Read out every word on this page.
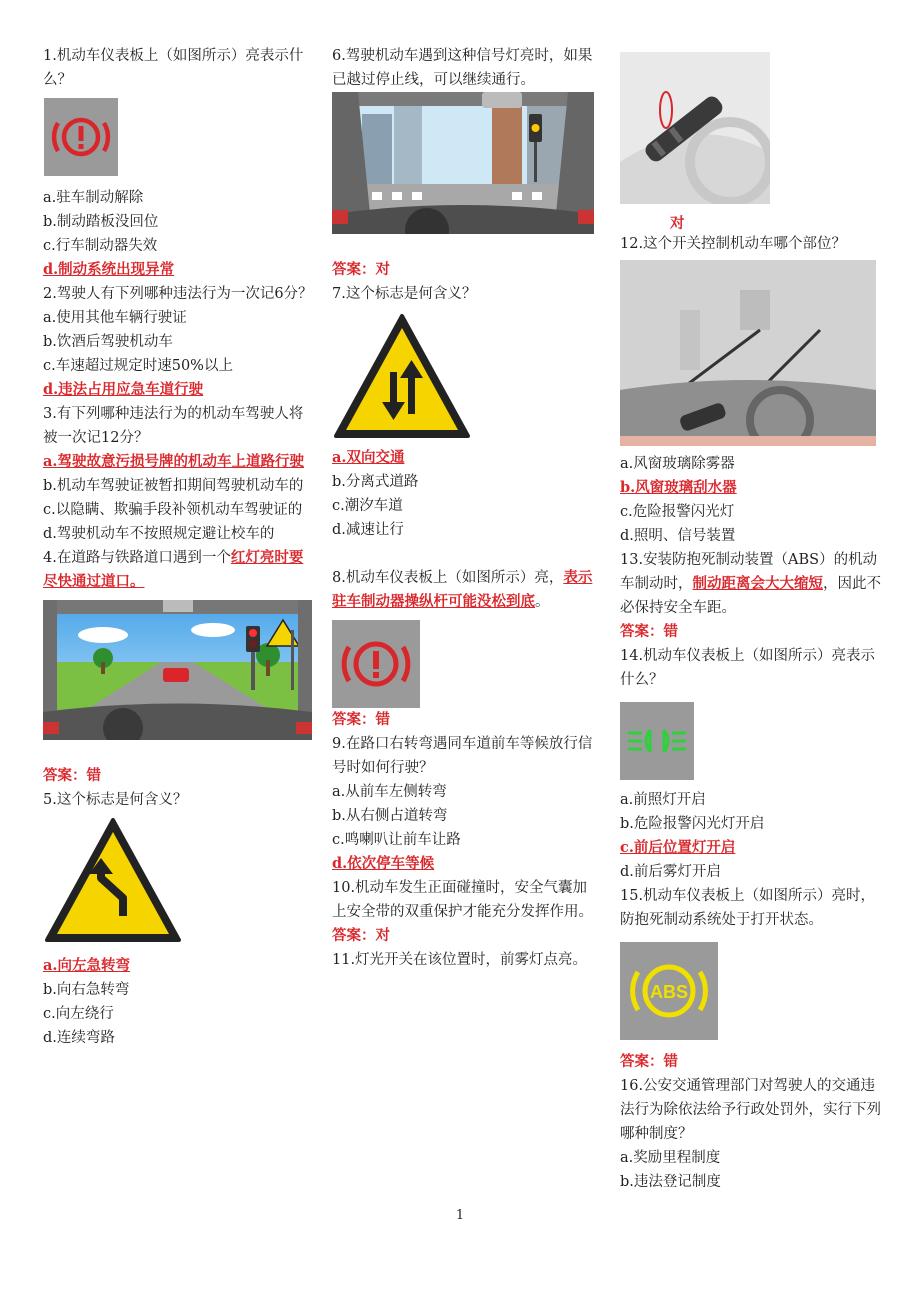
1.机动车仪表板上（如图所示）亮表示什么？

a.驻车制动解除

b.制动踏板没回位

c.行车制动器失效

d.制动系统出现异常

2.驾驶人有下列哪种违法行为一次记6分？

a.使用其他车辆行驶证

b.饮酒后驾驶机动车

c.车速超过规定时速50%以上

d.违法占用应急车道行驶

3.有下列哪种违法行为的机动车驾驶人将被一次记12分？

a.驾驶故意污损号牌的机动车上道路行驶

b.机动车驾驶证被暂扣期间驾驶机动车的

c.以隐瞒、欺骗手段补领机动车驾驶证的

d.驾驶机动车不按照规定避让校车的

4.在道路与铁路道口遇到一个红灯亮时要尽快通过道口。

答案：错

5.这个标志是何含义？

a.向左急转弯

b.向右急转弯

c.向左绕行

d.连续弯路

6.驾驶机动车遇到这种信号灯亮时，如果已越过停止线，可以继续通行。

答案：对

7.这个标志是何含义？

a.双向交通

b.分离式道路

c.潮汐车道

d.减速让行

8.机动车仪表板上（如图所示）亮，表示驻车制动器操纵杆可能没松到底。

答案：错

9.在路口右转弯遇同车道前车等候放行信号时如何行驶？

a.从前车左侧转弯

b.从右侧占道转弯

c.鸣喇叭让前车让路

d.依次停车等候

10.机动车发生正面碰撞时，安全气囊加上安全带的双重保护才能充分发挥作用。

答案：对

11.灯光开关在该位置时，前雾灯点亮。

对

12.这个开关控制机动车哪个部位？

a.风窗玻璃除雾器

b.风窗玻璃刮水器

c.危险报警闪光灯

d.照明、信号装置

13.安装防抱死制动装置（ABS）的机动车制动时，制动距离会大大缩短，因此不必保持安全车距。

答案：错

14.机动车仪表板上（如图所示）亮表示什么？

a.前照灯开启

b.危险报警闪光灯开启

c.前后位置灯开启

d.前后雾灯开启

15.机动车仪表板上（如图所示）亮时，防抱死制动系统处于打开状态。

ABS

答案：错

16.公安交通管理部门对驾驶人的交通违法行为除依法给予行政处罚外，实行下列哪种制度？

a.奖励里程制度

b.违法登记制度

1
